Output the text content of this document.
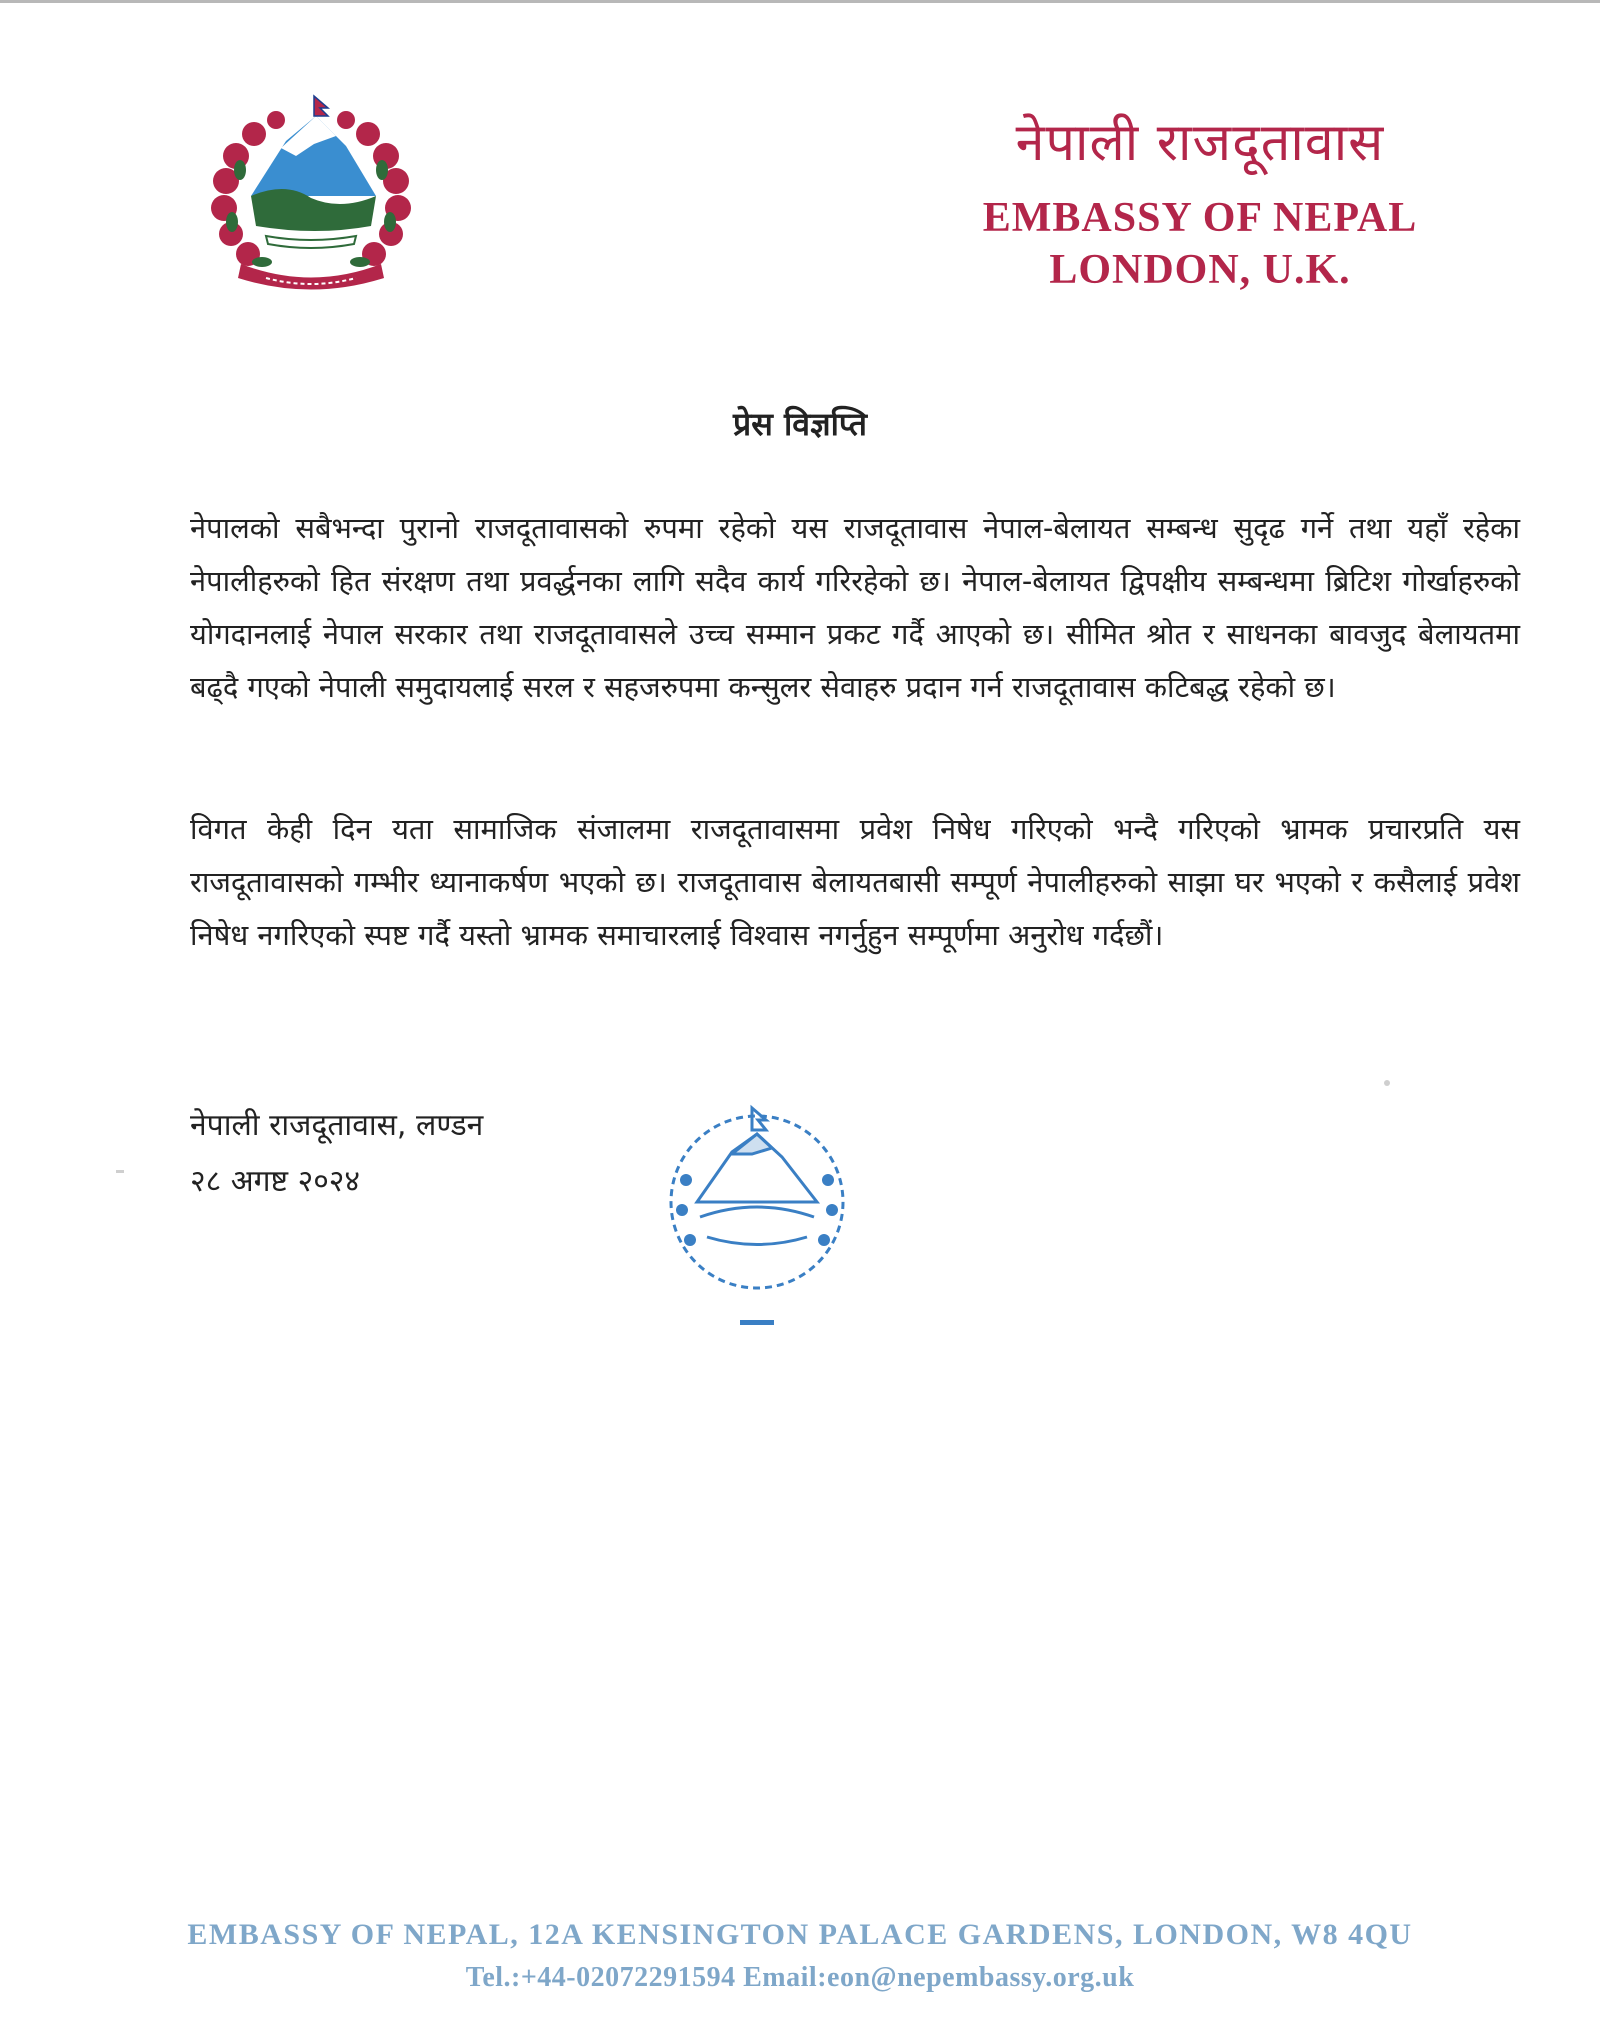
नेपाली राजदूतावास
EMBASSY OF NEPAL
LONDON, U.K.
प्रेस विज्ञप्ति
नेपालको सबैभन्दा पुरानो राजदूतावासको रुपमा रहेको यस राजदूतावास नेपाल-बेलायत सम्बन्ध सुदृढ गर्ने तथा यहाँ रहेका नेपालीहरुको हित संरक्षण तथा प्रवर्द्धनका लागि सदैव कार्य गरिरहेको छ। नेपाल-बेलायत द्विपक्षीय सम्बन्धमा ब्रिटिश गोर्खाहरुको योगदानलाई नेपाल सरकार तथा राजदूतावासले उच्च सम्मान प्रकट गर्दै आएको छ। सीमित श्रोत र साधनका बावजुद बेलायतमा बढ्दै गएको नेपाली समुदायलाई सरल र सहजरुपमा कन्सुलर सेवाहरु प्रदान गर्न राजदूतावास कटिबद्ध रहेको छ।
विगत केही दिन यता सामाजिक संजालमा राजदूतावासमा प्रवेश निषेध गरिएको भन्दै गरिएको भ्रामक प्रचारप्रति यस राजदूतावासको गम्भीर ध्यानाकर्षण भएको छ। राजदूतावास बेलायतबासी सम्पूर्ण नेपालीहरुको साझा घर भएको र कसैलाई प्रवेश निषेध नगरिएको स्पष्ट गर्दै यस्तो भ्रामक समाचारलाई विश्वास नगर्नुहुन सम्पूर्णमा अनुरोध गर्दछौं।
नेपाली राजदूतावास, लण्डन
२८ अगष्ट २०२४
EMBASSY OF NEPAL, 12A KENSINGTON PALACE GARDENS, LONDON, W8 4QU
Tel.:+44-02072291594 Email:eon@nepembassy.org.uk
